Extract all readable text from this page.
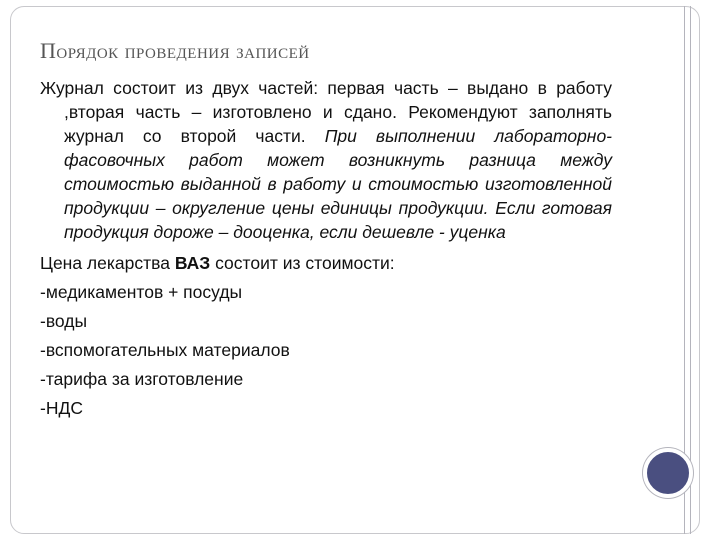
Порядок проведения записей

Журнал состоит из двух частей: первая часть – выдано в работу ,вторая часть – изготовлено и сдано. Рекомендуют заполнять журнал со второй части. При выполнении лабораторно-фасовочных работ может возникнуть разница между стоимостью выданной в работу и стоимостью изготовленной продукции – округление цены единицы продукции. Если готовая продукция дороже – дооценка, если дешевле - уценка

Цена лекарства ВАЗ состоит из стоимости:

-медикаментов + посуды

-воды

-вспомогательных материалов

-тарифа за изготовление

-НДС
